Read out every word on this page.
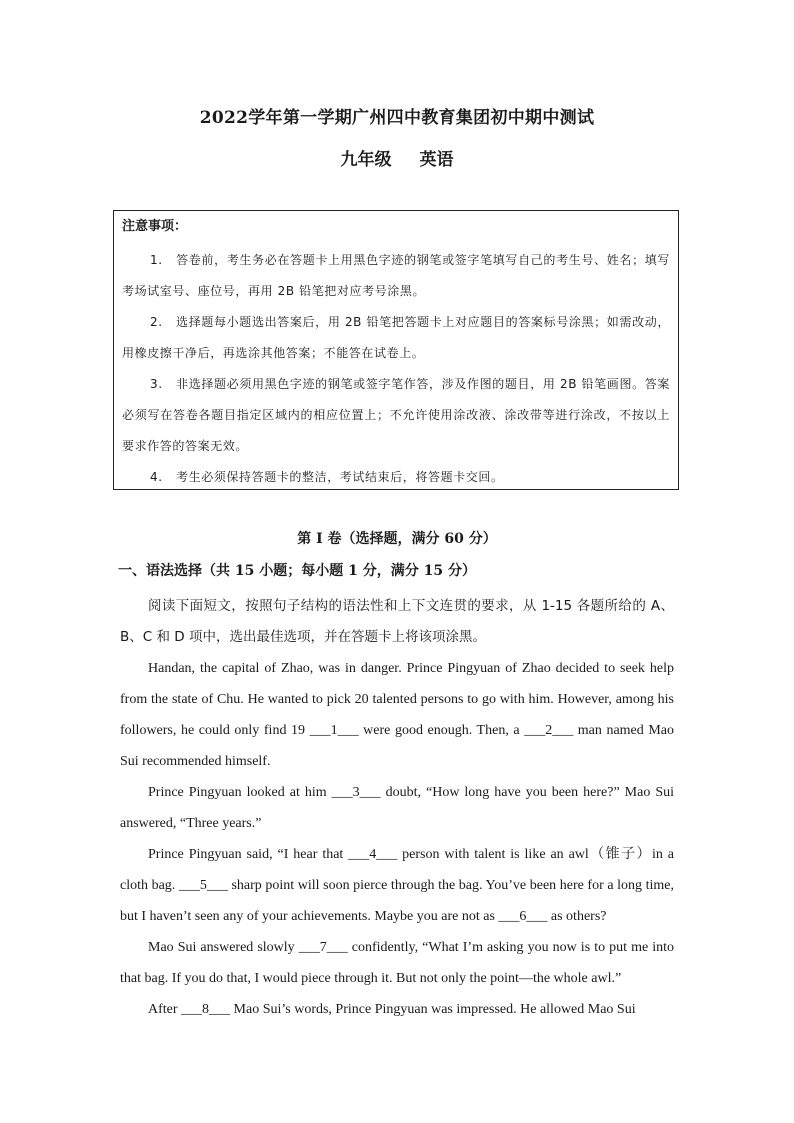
2022学年第一学期广州四中教育集团初中期中测试
九年级 英语
注意事项：
1. 答卷前，考生务必在答题卡上用黑色字迹的钢笔或签字笔填写自己的考生号、姓名；填写考场试室号、座位号，再用 2B 铅笔把对应考号涂黑。
2. 选择题每小题选出答案后，用 2B 铅笔把答题卡上对应题目的答案标号涂黑；如需改动，用橡皮擦干净后，再选涂其他答案；不能答在试卷上。
3. 非选择题必须用黑色字迹的钢笔或签字笔作答，涉及作图的题目，用 2B 铅笔画图。答案必须写在答卷各题目指定区域内的相应位置上；不允许使用涂改液、涂改带等进行涂改，不按以上要求作答的答案无效。
4. 考生必须保持答题卡的整洁，考试结束后，将答题卡交回。
第 I 卷（选择题，满分 60 分）
一、语法选择（共 15 小题；每小题 1 分，满分 15 分）

阅读下面短文，按照句子结构的语法性和上下文连贯的要求，从 1-15 各题所给的 A、B、C 和 D 项中，选出最佳选项，并在答题卡上将该项涂黑。

Handan, the capital of Zhao, was in danger. Prince Pingyuan of Zhao decided to seek help from the state of Chu. He wanted to pick 20 talented persons to go with him. However, among his followers, he could only find 19 ___1___ were good enough. Then, a ___2___ man named Mao Sui recommended himself.

Prince Pingyuan looked at him ___3___ doubt, “How long have you been here?” Mao Sui answered, “Three years.”

Prince Pingyuan said, “I hear that ___4___ person with talent is like an awl（锥子）in a cloth bag. ___5___ sharp point will soon pierce through the bag. You’ve been here for a long time, but I haven’t seen any of your achievements. Maybe you are not as ___6___ as others?

Mao Sui answered slowly ___7___ confidently, “What I’m asking you now is to put me into that bag. If you do that, I would piece through it. But not only the point—the whole awl.”

After ___8___ Mao Sui’s words, Prince Pingyuan was impressed. He allowed Mao Sui
